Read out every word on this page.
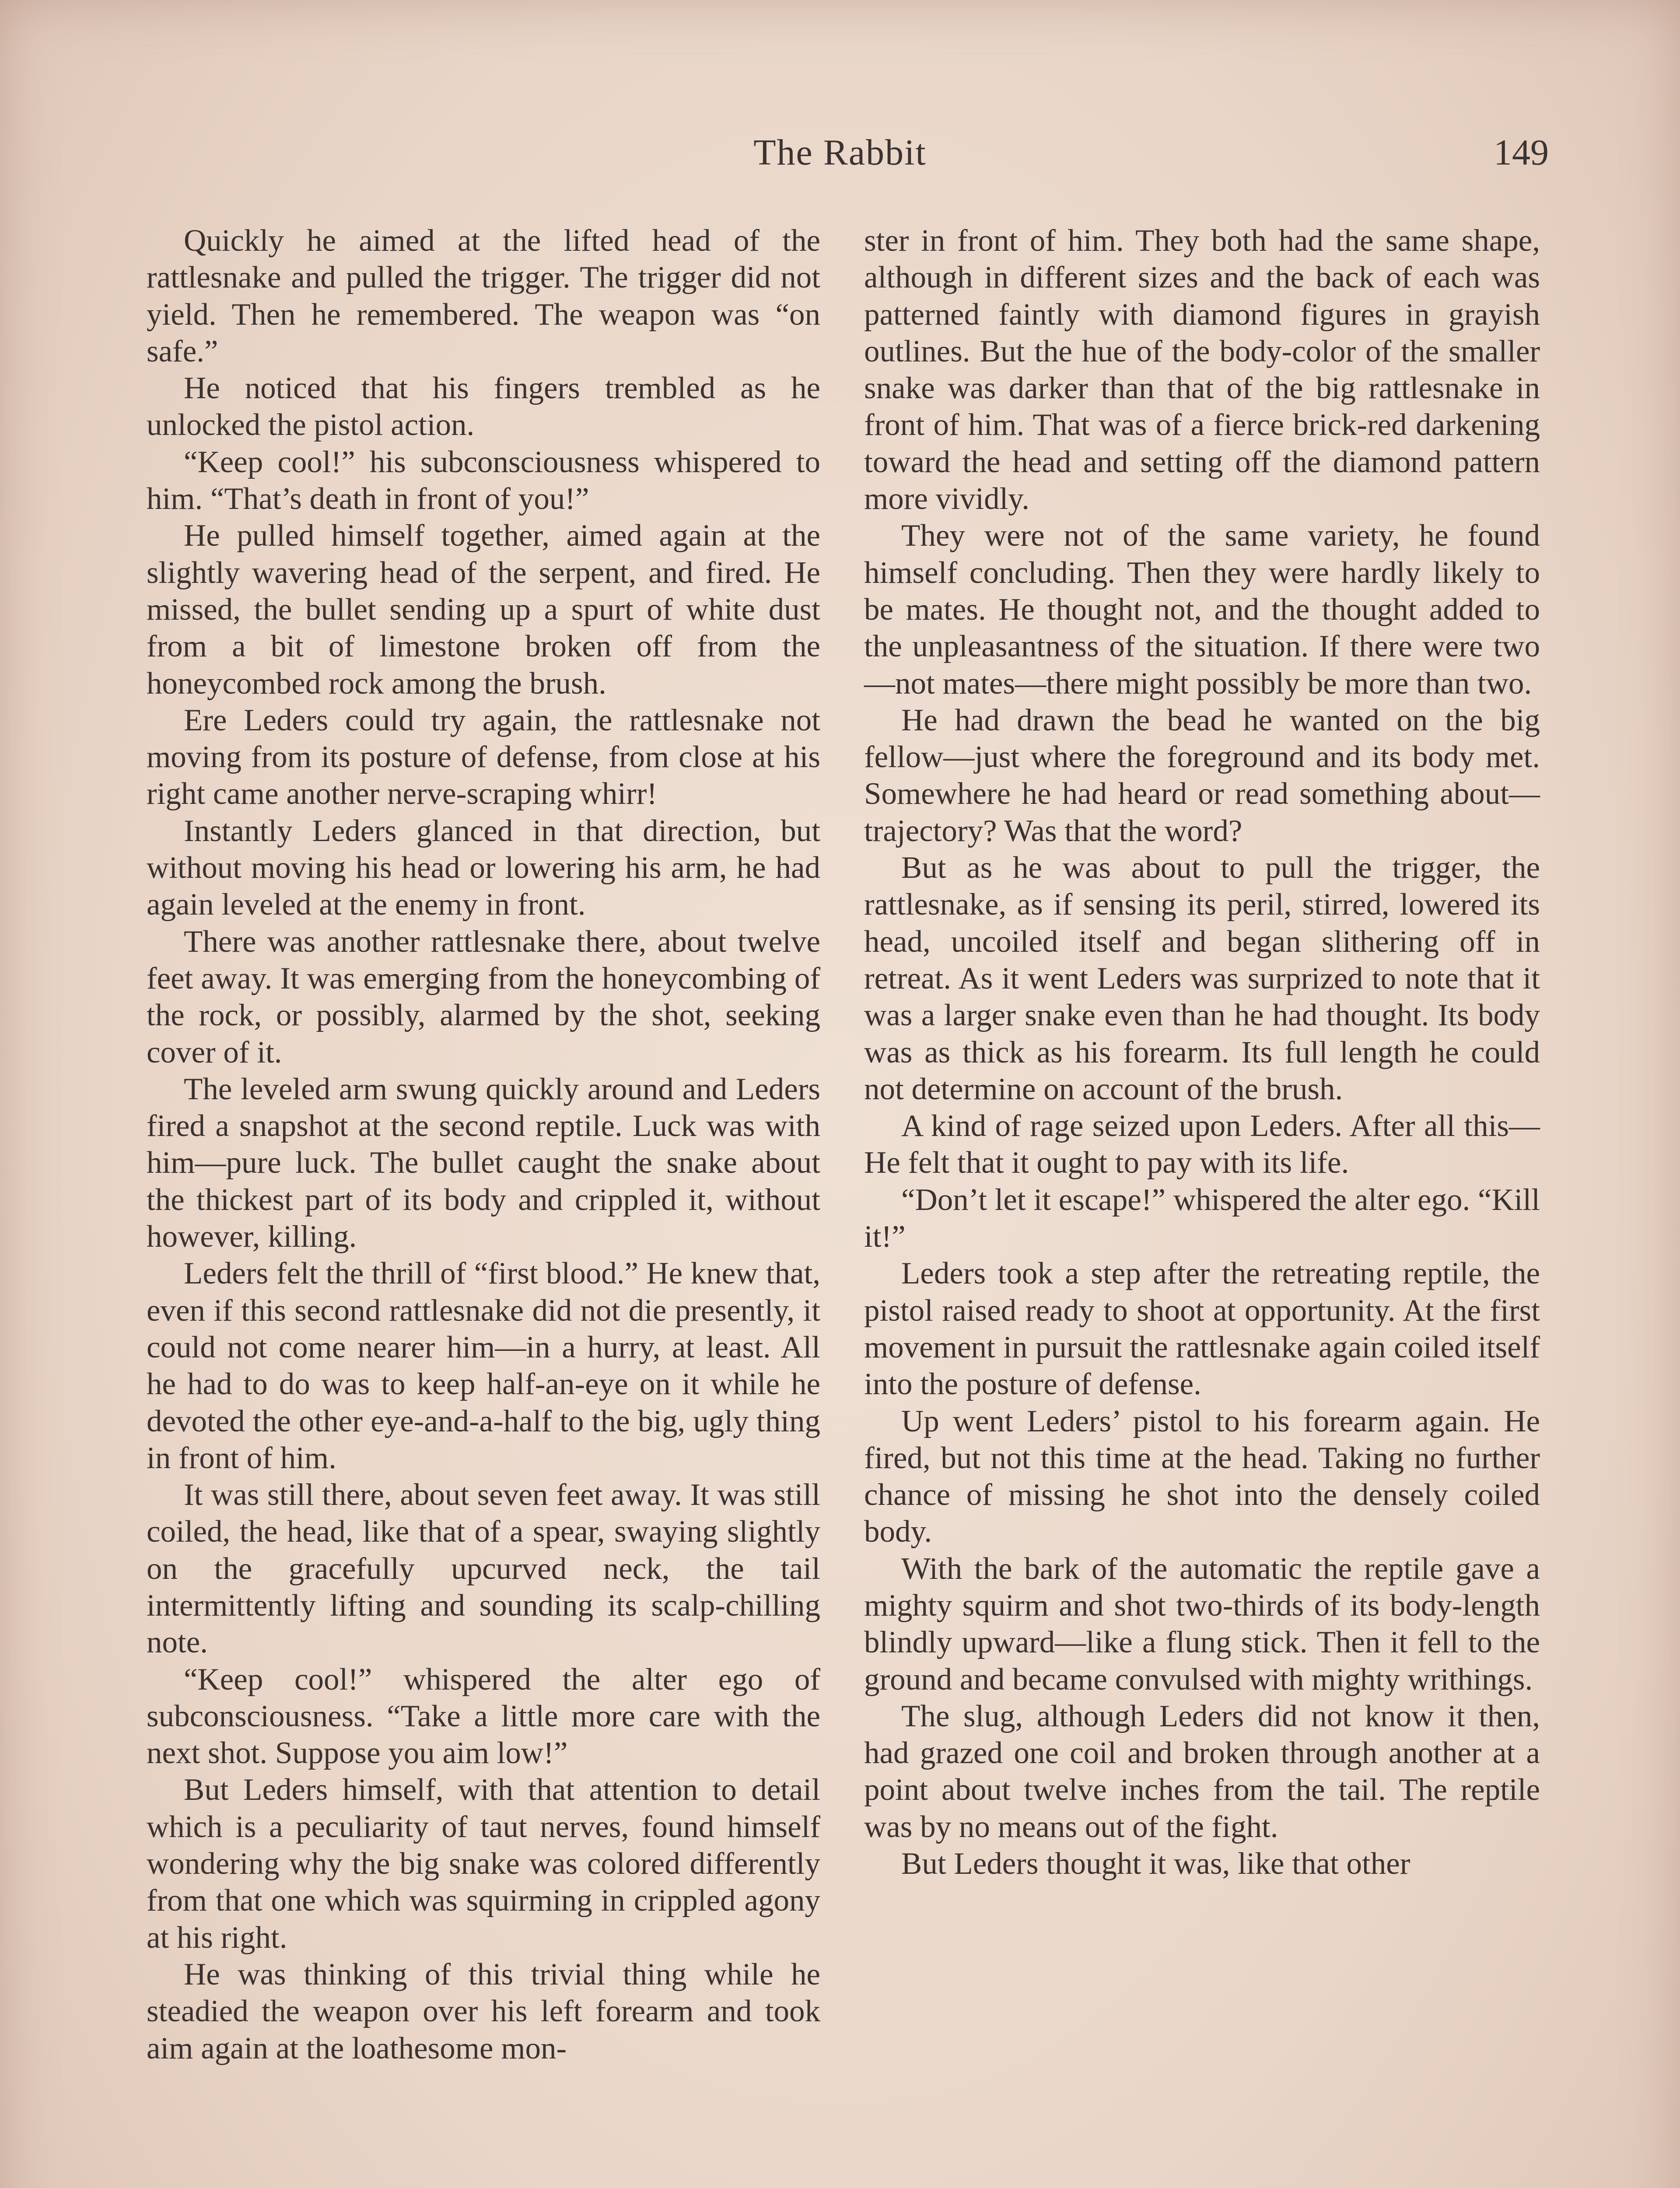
The Rabbit	149

Quickly he aimed at the lifted head of the rattlesnake and pulled the trigger. The trigger did not yield. Then he remembered. The weapon was “on safe.”

He noticed that his fingers trembled as he unlocked the pistol action.

“Keep cool!” his subconsciousness whispered to him. “That’s death in front of you!”

He pulled himself together, aimed again at the slightly wavering head of the serpent, and fired. He missed, the bullet sending up a spurt of white dust from a bit of limestone broken off from the honeycombed rock among the brush.

Ere Leders could try again, the rattlesnake not moving from its posture of defense, from close at his right came another nerve-scraping whirr!

Instantly Leders glanced in that direction, but without moving his head or lowering his arm, he had again leveled at the enemy in front.

There was another rattlesnake there, about twelve feet away. It was emerging from the honeycombing of the rock, or possibly, alarmed by the shot, seeking cover of it.

The leveled arm swung quickly around and Leders fired a snapshot at the second reptile. Luck was with him—pure luck. The bullet caught the snake about the thickest part of its body and crippled it, without however, killing.

Leders felt the thrill of “first blood.” He knew that, even if this second rattlesnake did not die presently, it could not come nearer him—in a hurry, at least. All he had to do was to keep half-an-eye on it while he devoted the other eye-and-a-half to the big, ugly thing in front of him.

It was still there, about seven feet away. It was still coiled, the head, like that of a spear, swaying slightly on the gracefully upcurved neck, the tail intermittently lifting and sounding its scalp-chilling note.

“Keep cool!” whispered the alter ego of subconsciousness. “Take a little more care with the next shot. Suppose you aim low!”

But Leders himself, with that attention to detail which is a peculiarity of taut nerves, found himself wondering why the big snake was colored differently from that one which was squirming in crippled agony at his right.

He was thinking of this trivial thing while he steadied the weapon over his left forearm and took aim again at the loathesome mon-

ster in front of him. They both had the same shape, although in different sizes and the back of each was patterned faintly with diamond figures in grayish outlines. But the hue of the body-color of the smaller snake was darker than that of the big rattlesnake in front of him. That was of a fierce brick-red darkening toward the head and setting off the diamond pattern more vividly.

They were not of the same variety, he found himself concluding. Then they were hardly likely to be mates. He thought not, and the thought added to the unpleasantness of the situation. If there were two—not mates—there might possibly be more than two.

He had drawn the bead he wanted on the big fellow—just where the foreground and its body met. Somewhere he had heard or read something about—trajectory? Was that the word?

But as he was about to pull the trigger, the rattlesnake, as if sensing its peril, stirred, lowered its head, uncoiled itself and began slithering off in retreat. As it went Leders was surprized to note that it was a larger snake even than he had thought. Its body was as thick as his forearm. Its full length he could not determine on account of the brush.

A kind of rage seized upon Leders. After all this— He felt that it ought to pay with its life.

“Don’t let it escape!” whispered the alter ego. “Kill it!”

Leders took a step after the retreating reptile, the pistol raised ready to shoot at opportunity. At the first movement in pursuit the rattlesnake again coiled itself into the posture of defense.

Up went Leders’ pistol to his forearm again. He fired, but not this time at the head. Taking no further chance of missing he shot into the densely coiled body.

With the bark of the automatic the reptile gave a mighty squirm and shot two-thirds of its body-length blindly upward—like a flung stick. Then it fell to the ground and became convulsed with mighty writhings.

The slug, although Leders did not know it then, had grazed one coil and broken through another at a point about twelve inches from the tail. The reptile was by no means out of the fight.

But Leders thought it was, like that other
